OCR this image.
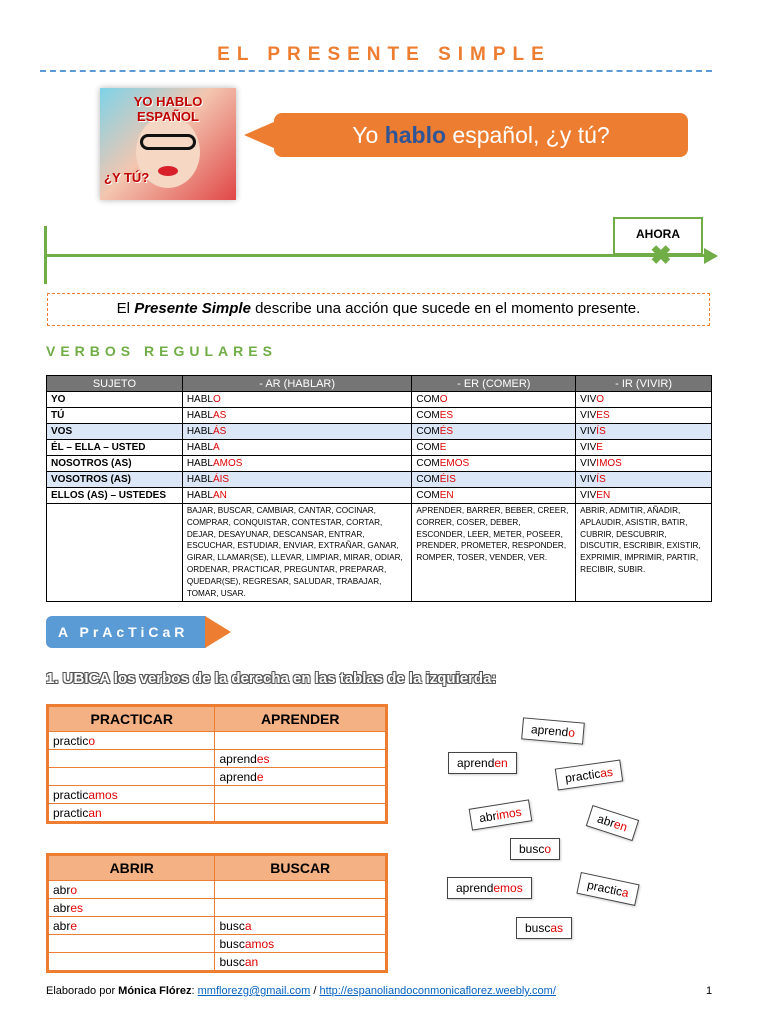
EL PRESENTE SIMPLE
YO HABLO ESPAÑOL
¿Y TÚ?
Yo hablo español, ¿y tú?
AHORA
✖
El Presente Simple describe una acción que sucede en el momento presente.
VERBOS REGULARES
SUJETO	- AR (HABLAR)	- ER (COMER)	- IR (VIVIR)
YO	HABLO	COMO	VIVO
TÚ	HABLAS	COMES	VIVES
VOS	HABLÁS	COMÉS	VIVÍS
ÉL – ELLA – USTED	HABLA	COME	VIVE
NOSOTROS (AS)	HABLAMOS	COMEMOS	VIVIMOS
VOSOTROS (AS)	HABLÁIS	COMÉIS	VIVÍS
ELLOS (AS) – USTEDES	HABLAN	COMEN	VIVEN
	BAJAR, BUSCAR, CAMBIAR, CANTAR, COCINAR, COMPRAR, CONQUISTAR, CONTESTAR, CORTAR, DEJAR, DESAYUNAR, DESCANSAR, ENTRAR, ESCUCHAR, ESTUDIAR, ENVIAR, EXTRAÑAR, GANAR, GIRAR, LLAMAR(SE), LLEVAR, LIMPIAR, MIRAR, ODIAR, ORDENAR, PRACTICAR, PREGUNTAR, PREPARAR, QUEDAR(SE), REGRESAR, SALUDAR, TRABAJAR, TOMAR, USAR.	APRENDER, BARRER, BEBER, CREER, CORRER, COSER, DEBER, ESCONDER, LEER, METER, POSEER, PRENDER, PROMETER, RESPONDER, ROMPER, TOSER, VENDER, VER.	ABRIR, ADMITIR, AÑADIR, APLAUDIR, ASISTIR, BATIR, CUBRIR, DESCUBRIR, DISCUTIR, ESCRIBIR, EXISTIR, EXPRIMIR, IMPRIMIR, PARTIR, RECIBIR, SUBIR.
A PrAcTiCaR
1. UBICA los verbos de la derecha en las tablas de la izquierda:
PRACTICAR	APRENDER
practico	
	aprendes
	aprende
practicamos	
practican	
ABRIR	BUSCAR
abro	
abres	
abre	busca
	buscamos
	buscan
aprendo
aprenden
practicas
abrimos	abren
busco
aprendemos	practica
buscas
Elaborado por Mónica Flórez: mmflorezg@gmail.com / http://espanoliandoconmonicaflorez.weebly.com/	1
